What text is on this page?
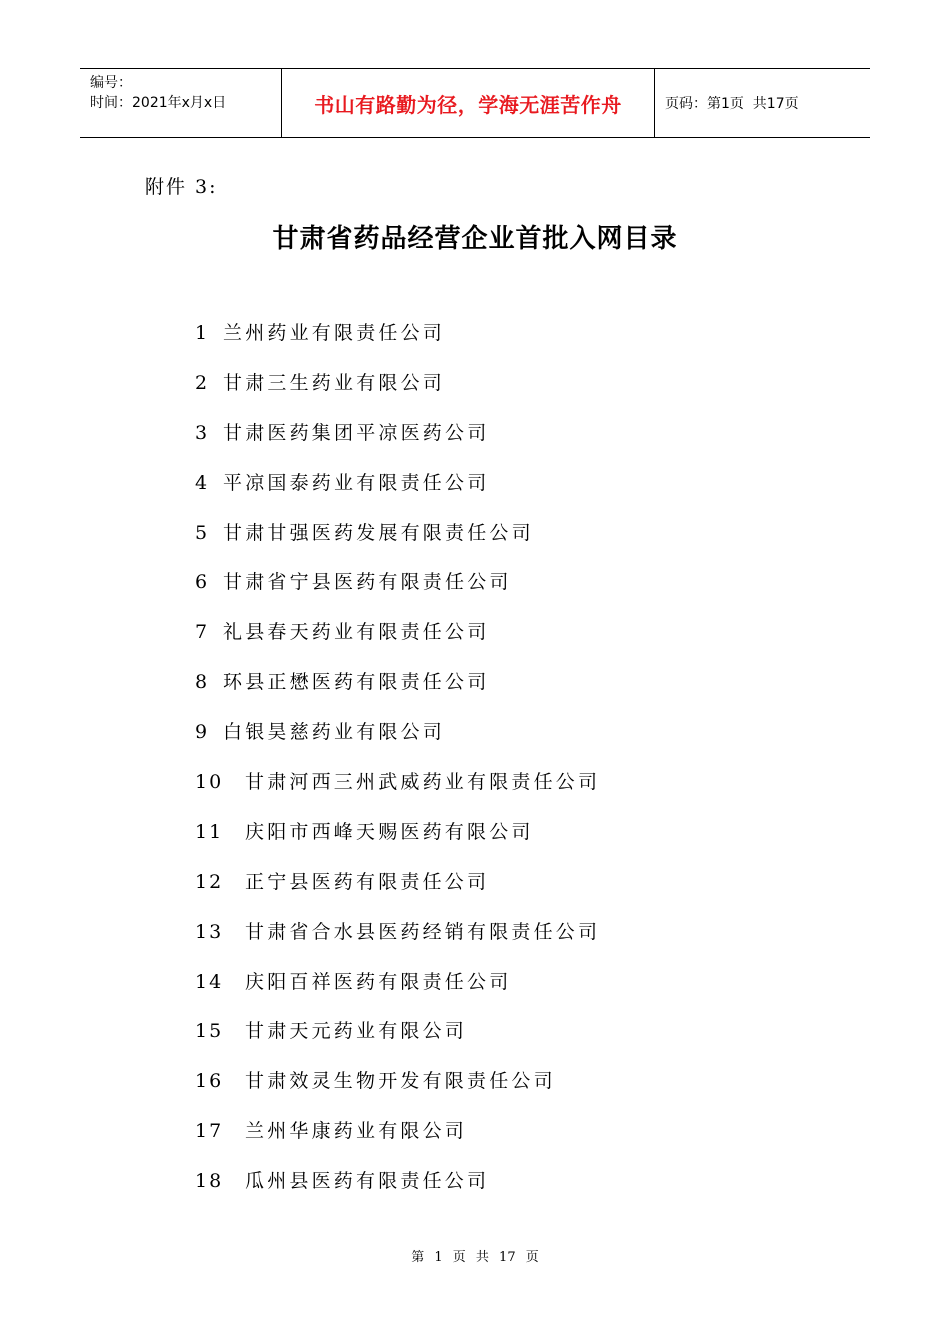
编号：
时间：2021年x月x日	书山有路勤为径，学海无涯苦作舟	页码：第1页  共17页
附件 3:
甘肃省药品经营企业首批入网目录
1 兰州药业有限责任公司
2 甘肃三生药业有限公司
3 甘肃医药集团平凉医药公司
4 平凉国泰药业有限责任公司
5 甘肃甘强医药发展有限责任公司
6 甘肃省宁县医药有限责任公司
7 礼县春天药业有限责任公司
8 环县正懋医药有限责任公司
9 白银昊慈药业有限公司
10	甘肃河西三州武威药业有限责任公司
11	庆阳市西峰天赐医药有限公司
12	正宁县医药有限责任公司
13	甘肃省合水县医药经销有限责任公司
14	庆阳百祥医药有限责任公司
15	甘肃天元药业有限公司
16	甘肃效灵生物开发有限责任公司
17	兰州华康药业有限公司
18	瓜州县医药有限责任公司
第 1 页 共 17 页
